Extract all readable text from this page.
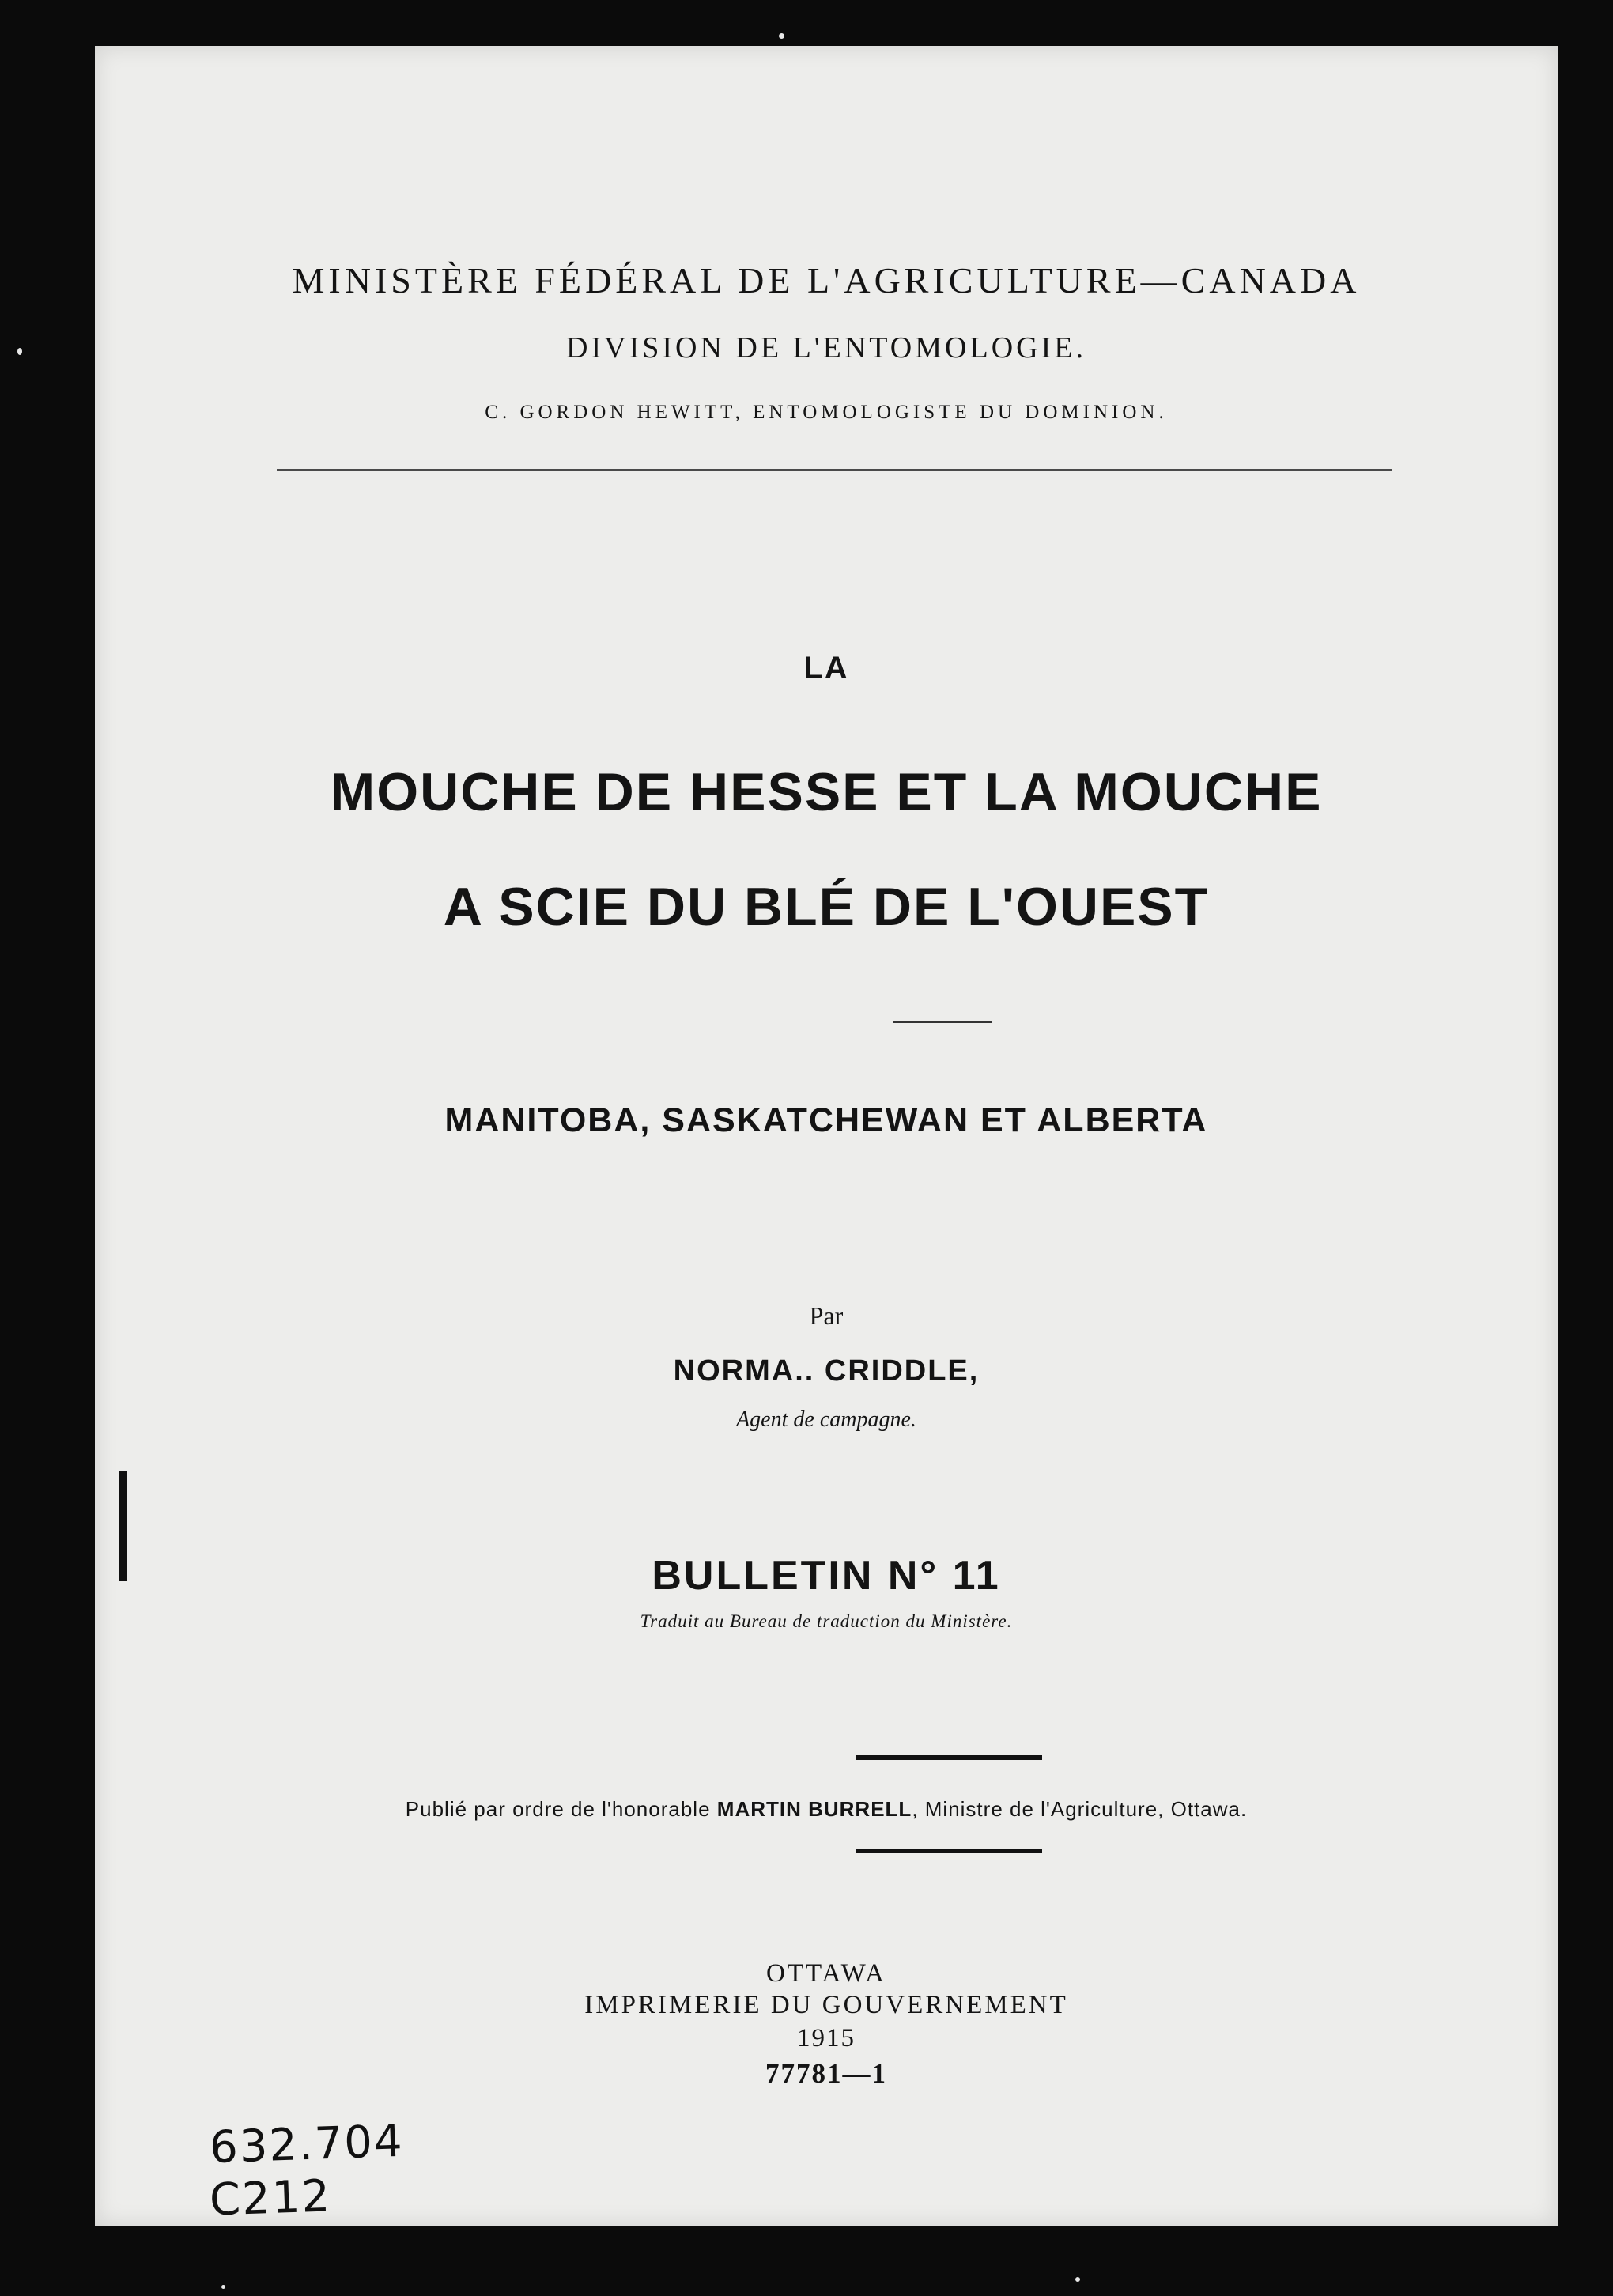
MINISTÈRE FÉDÉRAL DE L'AGRICULTURE—CANADA
DIVISION DE L'ENTOMOLOGIE.
C. GORDON HEWITT, ENTOMOLOGISTE DU DOMINION.
LA
MOUCHE DE HESSE ET LA MOUCHE
A SCIE DU BLÉ DE L'OUEST
MANITOBA, SASKATCHEWAN ET ALBERTA
Par
NORMA.. CRIDDLE,
Agent de campagne.
BULLETIN N° 11
Traduit au Bureau de traduction du Ministère.
Publié par ordre de l'honorable MARTIN BURRELL, Ministre de l'Agriculture, Ottawa.
OTTAWA
IMPRIMERIE DU GOUVERNEMENT
1915
77781—1
632.704
C212
